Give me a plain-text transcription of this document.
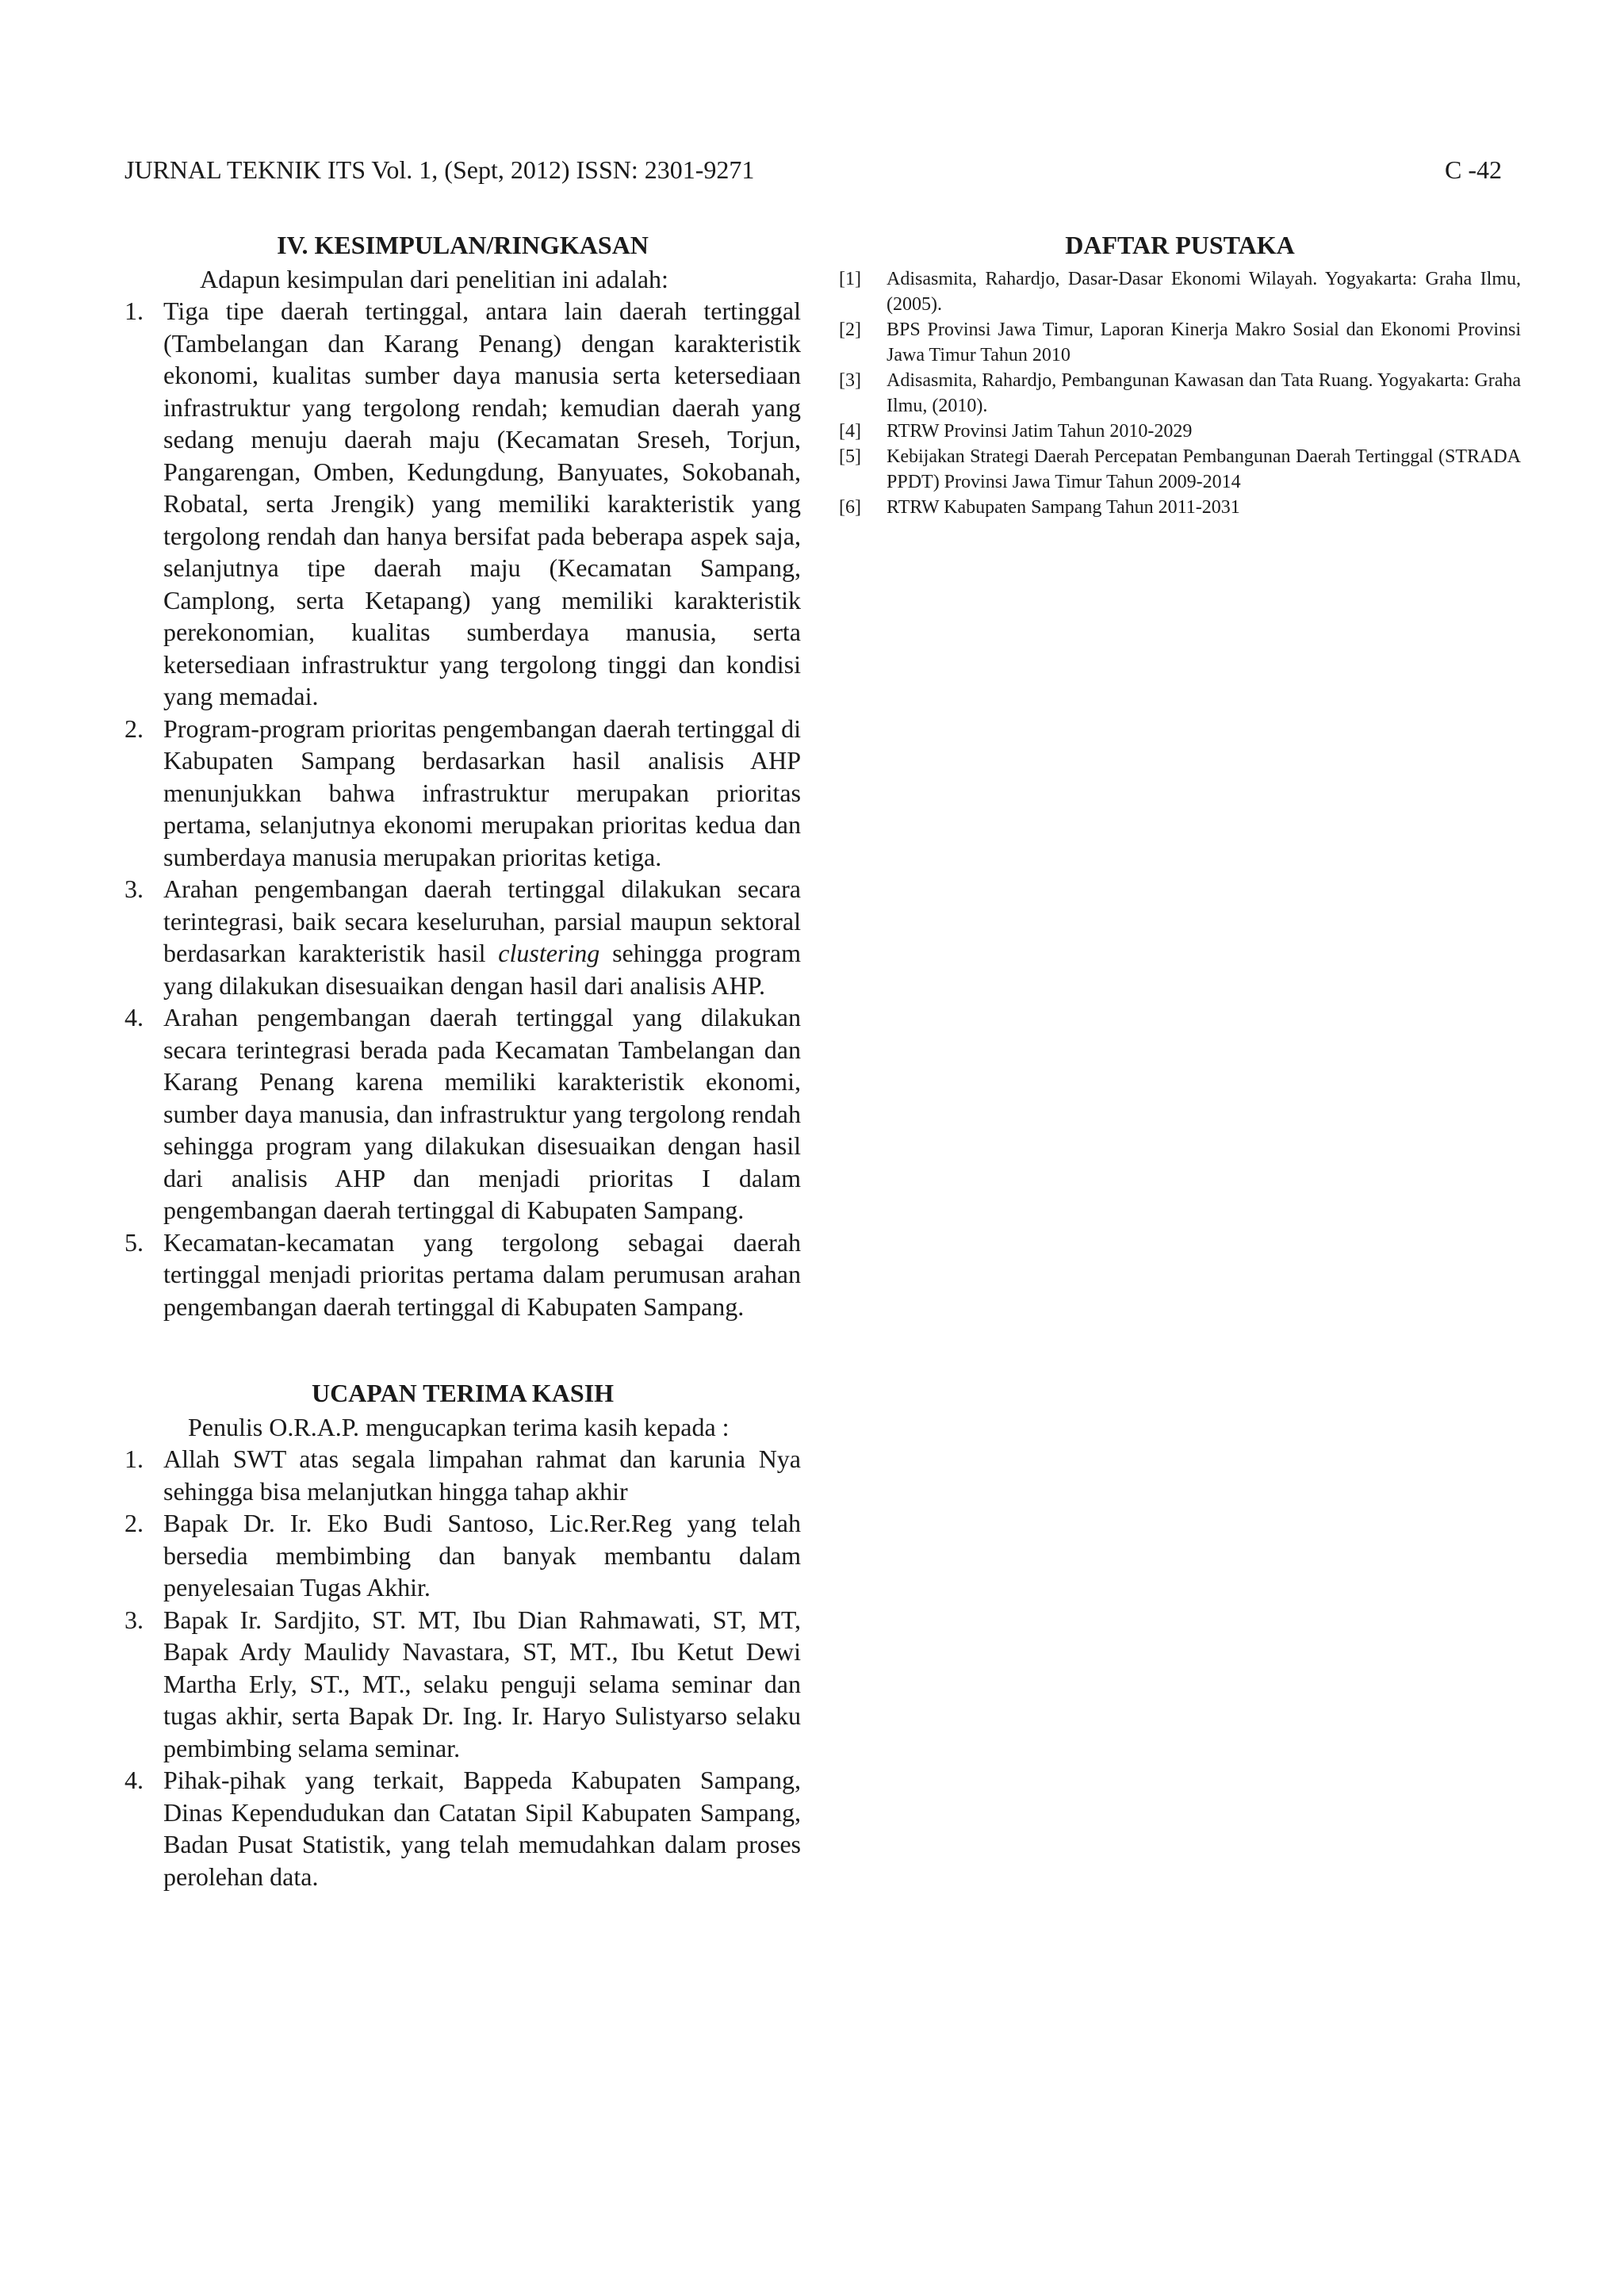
JURNAL TEKNIK ITS Vol. 1, (Sept, 2012) ISSN: 2301-9271	C -42
IV. KESIMPULAN/RINGKASAN

Adapun kesimpulan dari penelitian ini adalah:

1. Tiga tipe daerah tertinggal, antara lain daerah tertinggal (Tambelangan dan Karang Penang) dengan karakteristik ekonomi, kualitas sumber daya manusia serta ketersediaan infrastruktur yang tergolong rendah; kemudian daerah yang sedang menuju daerah maju (Kecamatan Sreseh, Torjun, Pangarengan, Omben, Kedungdung, Banyuates, Sokobanah, Robatal, serta Jrengik) yang memiliki karakteristik yang tergolong rendah dan hanya bersifat pada beberapa aspek saja, selanjutnya tipe daerah maju (Kecamatan Sampang, Camplong, serta Ketapang) yang memiliki karakteristik perekonomian, kualitas sumberdaya manusia, serta ketersediaan infrastruktur yang tergolong tinggi dan kondisi yang memadai.
2. Program-program prioritas pengembangan daerah tertinggal di Kabupaten Sampang berdasarkan hasil analisis AHP menunjukkan bahwa infrastruktur merupakan prioritas pertama, selanjutnya ekonomi merupakan prioritas kedua dan sumberdaya manusia merupakan prioritas ketiga.
3. Arahan pengembangan daerah tertinggal dilakukan secara terintegrasi, baik secara keseluruhan, parsial maupun sektoral berdasarkan karakteristik hasil clustering sehingga program yang dilakukan disesuaikan dengan hasil dari analisis AHP.
4. Arahan pengembangan daerah tertinggal yang dilakukan secara terintegrasi berada pada Kecamatan Tambelangan dan Karang Penang karena memiliki karakteristik ekonomi, sumber daya manusia, dan infrastruktur yang tergolong rendah sehingga program yang dilakukan disesuaikan dengan hasil dari analisis AHP dan menjadi prioritas I dalam pengembangan daerah tertinggal di Kabupaten Sampang.
5. Kecamatan-kecamatan yang tergolong sebagai daerah tertinggal menjadi prioritas pertama dalam perumusan arahan pengembangan daerah tertinggal di Kabupaten Sampang.
UCAPAN TERIMA KASIH

Penulis O.R.A.P. mengucapkan terima kasih kepada :

1. Allah SWT atas segala limpahan rahmat dan karunia Nya sehingga bisa melanjutkan hingga tahap akhir
2. Bapak Dr. Ir. Eko Budi Santoso, Lic.Rer.Reg yang telah bersedia membimbing dan banyak membantu dalam penyelesaian Tugas Akhir.
3. Bapak Ir. Sardjito, ST. MT, Ibu Dian Rahmawati, ST, MT, Bapak Ardy Maulidy Navastara, ST, MT., Ibu Ketut Dewi Martha Erly, ST., MT., selaku penguji selama seminar dan tugas akhir, serta Bapak Dr. Ing. Ir. Haryo Sulistyarso selaku pembimbing selama seminar.
4. Pihak-pihak yang terkait, Bappeda Kabupaten Sampang, Dinas Kependudukan dan Catatan Sipil Kabupaten Sampang, Badan Pusat Statistik, yang telah memudahkan dalam proses perolehan data.
DAFTAR PUSTAKA
[1] Adisasmita, Rahardjo, Dasar-Dasar Ekonomi Wilayah. Yogyakarta: Graha Ilmu, (2005).
[2] BPS Provinsi Jawa Timur, Laporan Kinerja Makro Sosial dan Ekonomi Provinsi Jawa Timur Tahun 2010
[3] Adisasmita, Rahardjo, Pembangunan Kawasan dan Tata Ruang. Yogyakarta: Graha Ilmu, (2010).
[4] RTRW Provinsi Jatim Tahun 2010-2029
[5] Kebijakan Strategi Daerah Percepatan Pembangunan Daerah Tertinggal (STRADA PPDT) Provinsi Jawa Timur Tahun 2009-2014
[6] RTRW Kabupaten Sampang Tahun 2011-2031
